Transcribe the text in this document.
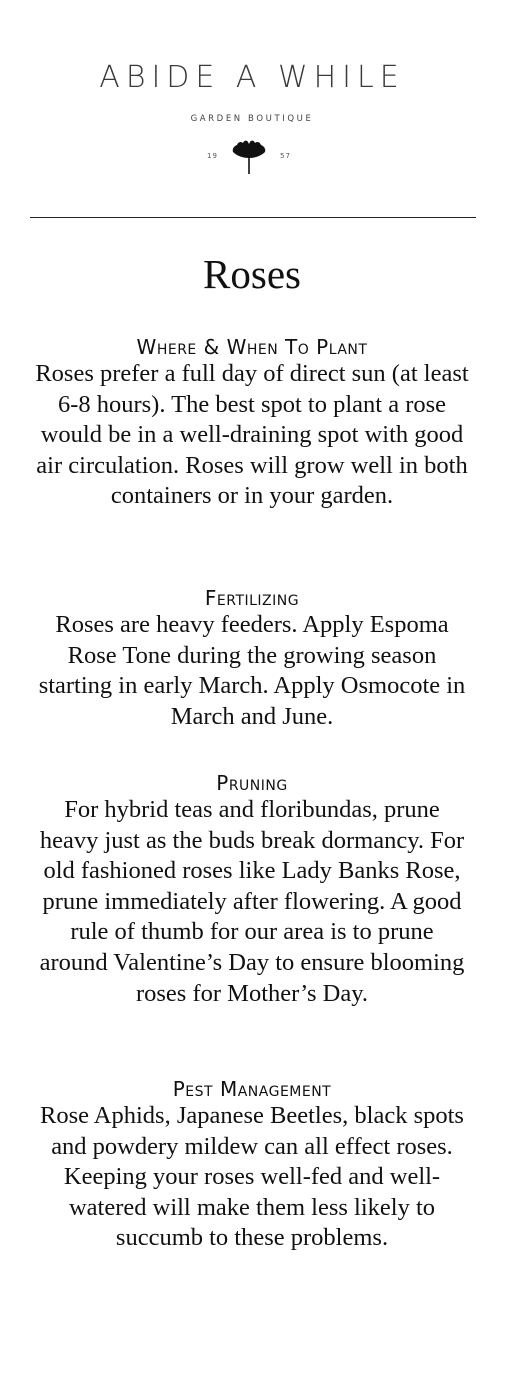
ABIDE A WHILE
GARDEN BOUTIQUE
19	57
Roses
Where & When To Plant

Roses prefer a full day of direct sun (at least 6-8 hours). The best spot to plant a rose would be in a well-draining spot with good air circulation. Roses will grow well in both containers or in your garden.

Fertilizing

Roses are heavy feeders. Apply Espoma Rose Tone during the growing season starting in early March. Apply Osmocote in March and June.

Pruning

For hybrid teas and floribundas, prune heavy just as the buds break dormancy. For old fashioned roses like Lady Banks Rose, prune immediately after flowering. A good rule of thumb for our area is to prune around Valentine’s Day to ensure blooming roses for Mother’s Day.

Pest Management

Rose Aphids, Japanese Beetles, black spots and powdery mildew can all effect roses. Keeping your roses well-fed and well-watered will make them less likely to succumb to these problems.
